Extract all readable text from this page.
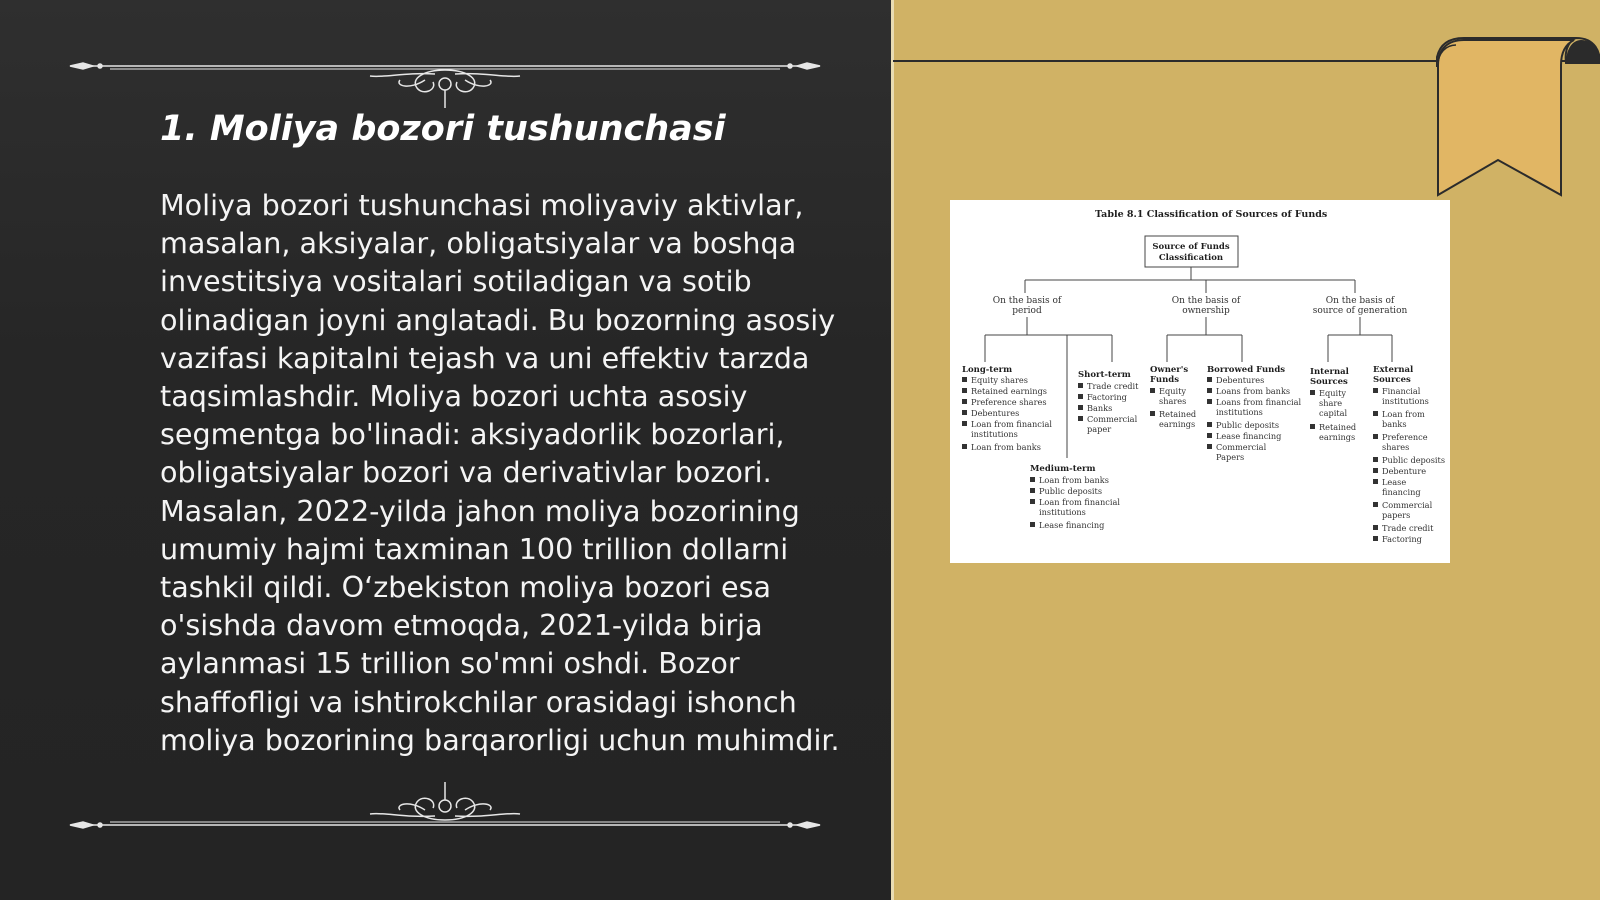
1. Moliya bozori tushunchasi

Moliya bozori tushunchasi moliyaviy aktivlar, masalan, aksiyalar, obligatsiyalar va boshqa investitsiya vositalari sotiladigan va sotib olinadigan joyni anglatadi. Bu bozorning asosiy vazifasi kapitalni tejash va uni effektiv tarzda taqsimlashdir. Moliya bozori uchta asosiy segmentga bo'linadi: aksiyadorlik bozorlari, obligatsiyalar bozori va derivativlar bozori. Masalan, 2022-yilda jahon moliya bozorining umumiy hajmi taxminan 100 trillion dollarni tashkil qildi. O‘zbekiston moliya bozori esa o'sishda davom etmoqda, 2021-yilda birja aylanmasi 15 trillion so'mni oshdi. Bozor shaffofligi va ishtirokchilar orasidagi ishonch moliya bozorining barqarorligi uchun muhimdir.

Table 8.1 Classification of Sources of Funds
Source of Funds
Classification
On the basis of
period
On the basis of
ownership
On the basis of
source of generation
Long-term
Equity shares
Retained earnings
Preference shares
Debentures
Loan from financial
institutions
Loan from banks
Short-term
Trade credit
Factoring
Banks
Commercial
paper
Medium-term
Loan from banks
Public deposits
Loan from financial
institutions
Lease financing
Owner's
Funds
Equity
shares
Retained
earnings
Borrowed Funds
Debentures
Loans from banks
Loans from financial
institutions
Public deposits
Lease financing
Commercial
Papers
Internal
Sources
Equity
share
capital
Retained
earnings
External
Sources
Financial
institutions
Loan from
banks
Preference
shares
Public deposits
Debenture
Lease
financing
Commercial
papers
Trade credit
Factoring
